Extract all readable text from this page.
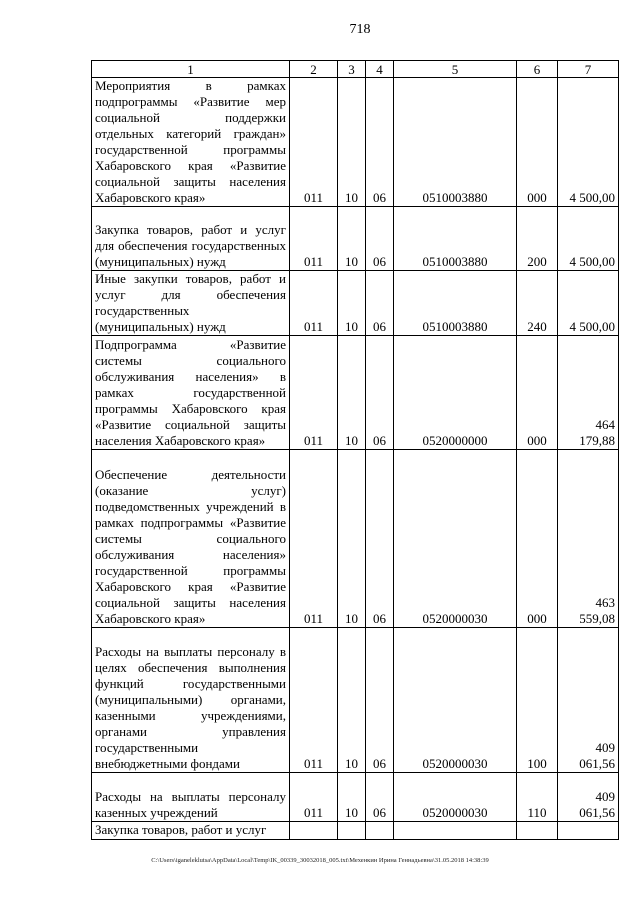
718
1	2	3	4	5	6	7
Мероприятия в рамках подпрограммы «Развитие мер социальной поддержки отдельных категорий граждан» государственной программы Хабаровского края «Развитие социальной защиты населения Хабаровского края»	011	10	06	0510003880	000	4 500,00
Закупка товаров, работ и услуг для обеспечения государственных (муниципальных) нужд	011	10	06	0510003880	200	4 500,00
Иные закупки товаров, работ и услуг для обеспечения государственных (муниципальных) нужд	011	10	06	0510003880	240	4 500,00
Подпрограмма «Развитие системы социального обслуживания населения» в рамках государственной программы Хабаровского края «Развитие социальной защиты населения Хабаровского края»	011	10	06	0520000000	000	464 179,88
Обеспечение деятельности (оказание услуг) подведомственных учреждений в рамках подпрограммы «Развитие системы социального обслуживания населения» государственной программы Хабаровского края «Развитие социальной защиты населения Хабаровского края»	011	10	06	0520000030	000	463 559,08
Расходы на выплаты персоналу в целях обеспечения выполнения функций государственными (муниципальными) органами, казенными учреждениями, органами управления государственными внебюджетными фондами	011	10	06	0520000030	100	409 061,56
Расходы на выплаты персоналу казенных учреждений	011	10	06	0520000030	110	409 061,56
Закупка товаров, работ и услуг						
C:\Users\iganeleklutsa\AppData\Local\Temp\IK_00339_30032018_005.txt\Мехенкин Ирина Геннадьевна\31.05.2018 14:38:39
